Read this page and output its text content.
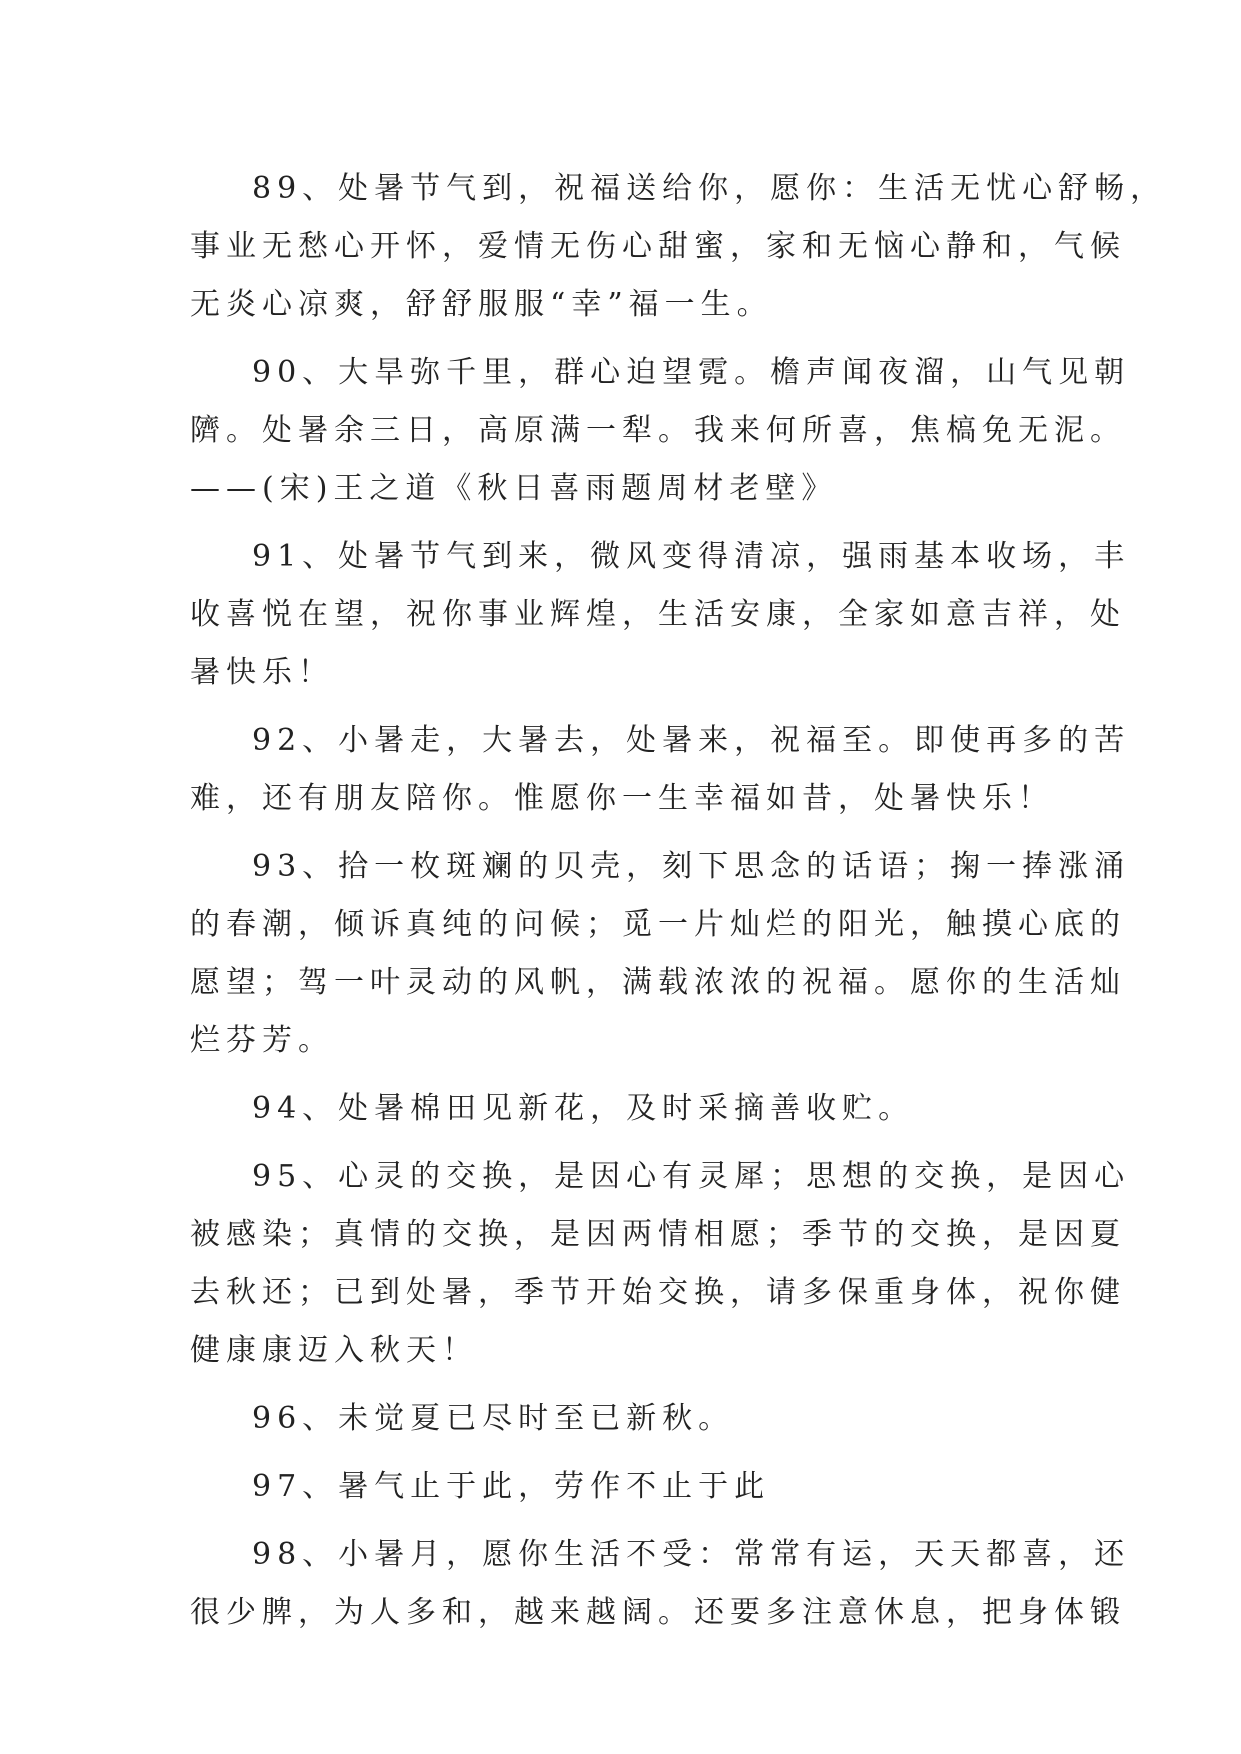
89、处暑节气到，祝福送给你，愿你：生活无忧心舒畅，
事业无愁心开怀，爱情无伤心甜蜜，家和无恼心静和，气候
无炎心凉爽，舒舒服服“幸”福一生。

90、大旱弥千里，群心迫望霓。檐声闻夜溜，山气见朝
隮。处暑余三日，高原满一犁。我来何所喜，焦槁免无泥。
——(宋)王之道《秋日喜雨题周材老壁》

91、处暑节气到来，微风变得清凉，强雨基本收场，丰
收喜悦在望，祝你事业辉煌，生活安康，全家如意吉祥，处
暑快乐！

92、小暑走，大暑去，处暑来，祝福至。即使再多的苦
难，还有朋友陪你。惟愿你一生幸福如昔，处暑快乐！

93、拾一枚斑斓的贝壳，刻下思念的话语；掬一捧涨涌
的春潮，倾诉真纯的问候；觅一片灿烂的阳光，触摸心底的
愿望；驾一叶灵动的风帆，满载浓浓的祝福。愿你的生活灿
烂芬芳。

94、处暑棉田见新花，及时采摘善收贮。

95、心灵的交换，是因心有灵犀；思想的交换，是因心
被感染；真情的交换，是因两情相愿；季节的交换，是因夏
去秋还；已到处暑，季节开始交换，请多保重身体，祝你健
健康康迈入秋天！

96、未觉夏已尽时至已新秋。

97、暑气止于此，劳作不止于此

98、小暑月，愿你生活不受：常常有运，天天都喜，还
很少脾，为人多和，越来越阔。还要多注意休息，把身体锻
